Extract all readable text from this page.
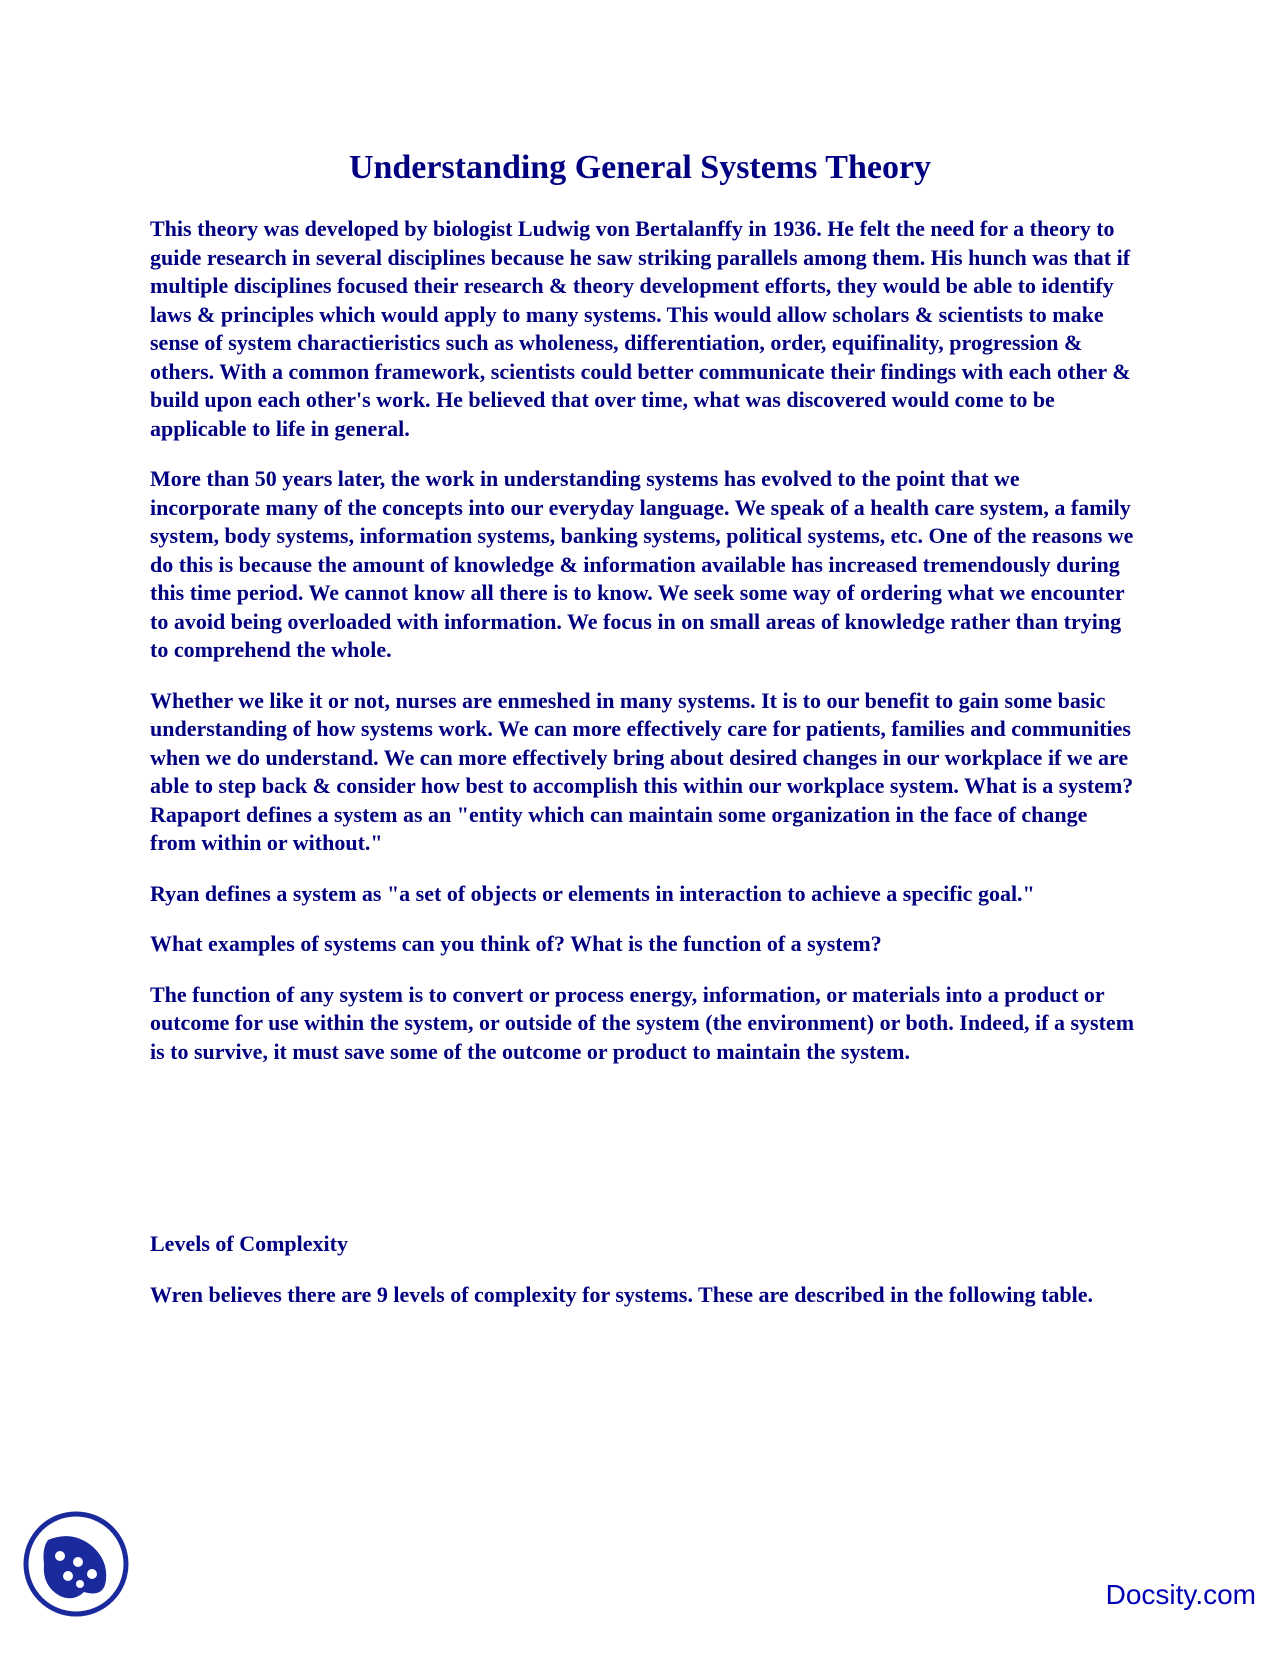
Understanding General Systems Theory

This theory was developed by biologist Ludwig von Bertalanffy in 1936. He felt the need for a theory to guide research in several disciplines because he saw striking parallels among them. His hunch was that if multiple disciplines focused their research & theory development efforts, they would be able to identify laws & principles which would apply to many systems. This would allow scholars & scientists to make sense of system charactieristics such as wholeness, differentiation, order, equifinality, progression & others. With a common framework, scientists could better communicate their findings with each other & build upon each other's work. He believed that over time, what was discovered would come to be applicable to life in general.

More than 50 years later, the work in understanding systems has evolved to the point that we incorporate many of the concepts into our everyday language. We speak of a health care system, a family system, body systems, information systems, banking systems, political systems, etc. One of the reasons we do this is because the amount of knowledge & information available has increased tremendously during this time period. We cannot know all there is to know. We seek some way of ordering what we encounter to avoid being overloaded with information. We focus in on small areas of knowledge rather than trying to comprehend the whole.

Whether we like it or not, nurses are enmeshed in many systems. It is to our benefit to gain some basic understanding of how systems work. We can more effectively care for patients, families and communities when we do understand. We can more effectively bring about desired changes in our workplace if we are able to step back & consider how best to accomplish this within our workplace system. What is a system?

Rapaport defines a system as an "entity which can maintain some organization in the face of change from within or without."

Ryan defines a system as "a set of objects or elements in interaction to achieve a specific goal."

What examples of systems can you think of? What is the function of a system?

The function of any system is to convert or process energy, information, or materials into a product or outcome for use within the system, or outside of the system (the environment) or both. Indeed, if a system is to survive, it must save some of the outcome or product to maintain the system.

Levels of Complexity

Wren believes there are 9 levels of complexity for systems. These are described in the following table.

Docsity.com
